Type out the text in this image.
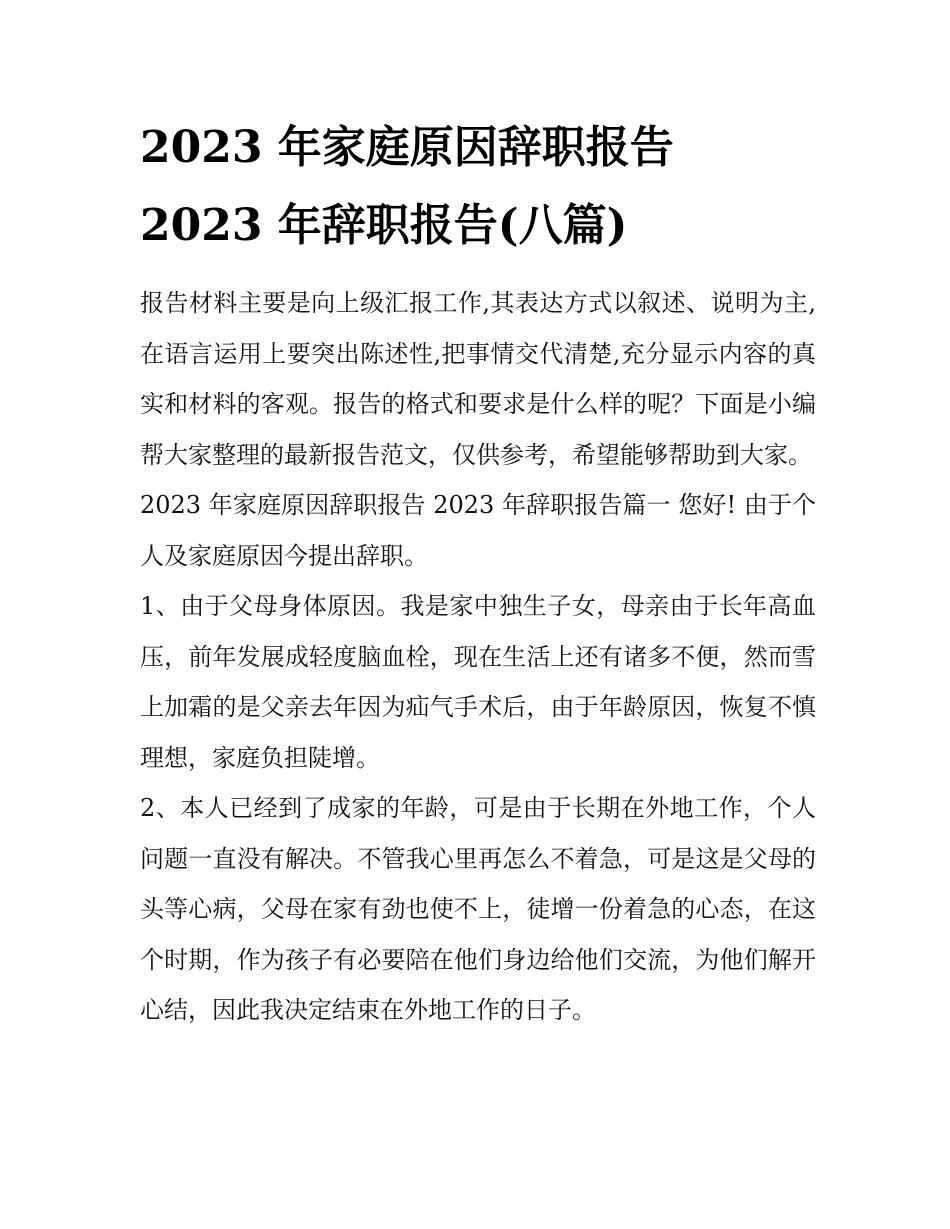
2023 年家庭原因辞职报告
2023 年辞职报告(八篇)

报告材料主要是向上级汇报工作,其表达方式以叙述、说明为主,在语言运用上要突出陈述性,把事情交代清楚,充分显示内容的真实和材料的客观。报告的格式和要求是什么样的呢？下面是小编帮大家整理的最新报告范文，仅供参考，希望能够帮助到大家。

2023 年家庭原因辞职报告 2023 年辞职报告篇一 您好! 由于个人及家庭原因今提出辞职。

1、由于父母身体原因。我是家中独生子女，母亲由于长年高血压，前年发展成轻度脑血栓，现在生活上还有诸多不便，然而雪上加霜的是父亲去年因为疝气手术后，由于年龄原因，恢复不慎理想，家庭负担陡增。

2、本人已经到了成家的年龄，可是由于长期在外地工作，个人问题一直没有解决。不管我心里再怎么不着急，可是这是父母的头等心病，父母在家有劲也使不上，徒增一份着急的心态，在这个时期，作为孩子有必要陪在他们身边给他们交流，为他们解开心结，因此我决定结束在外地工作的日子。
